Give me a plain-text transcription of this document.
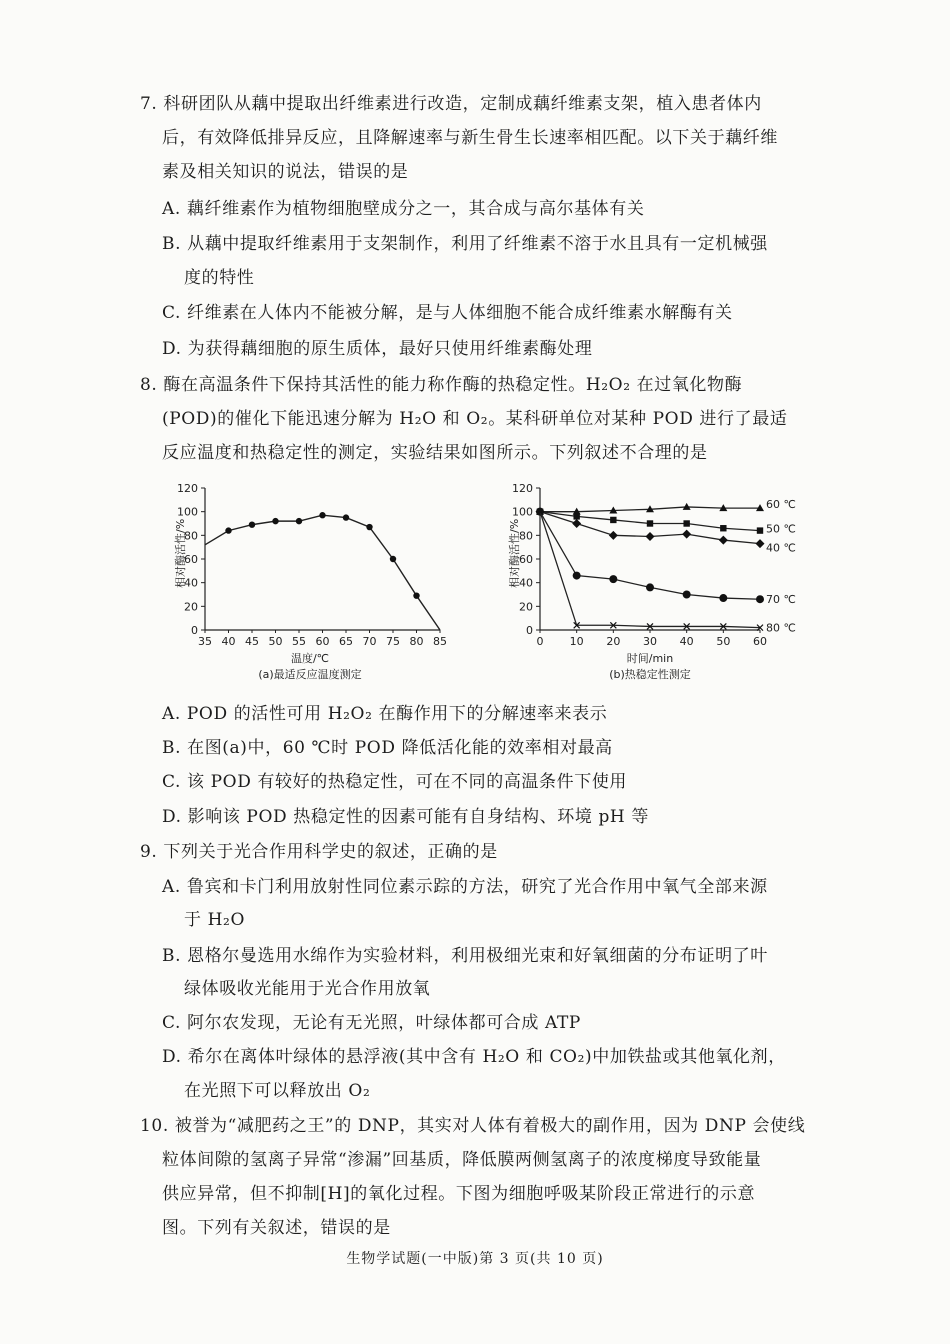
7. 科研团队从藕中提取出纤维素进行改造，定制成藕纤维素支架，植入患者体内
后，有效降低排异反应，且降解速率与新生骨生长速率相匹配。以下关于藕纤维
素及相关知识的说法，错误的是
A. 藕纤维素作为植物细胞壁成分之一，其合成与高尔基体有关
B. 从藕中提取纤维素用于支架制作，利用了纤维素不溶于水且具有一定机械强
度的特性
C. 纤维素在人体内不能被分解，是与人体细胞不能合成纤维素水解酶有关
D. 为获得藕细胞的原生质体，最好只使用纤维素酶处理
8. 酶在高温条件下保持其活性的能力称作酶的热稳定性。H₂O₂ 在过氧化物酶
(POD)的催化下能迅速分解为 H₂O 和 O₂。某科研单位对某种 POD 进行了最适
反应温度和热稳定性的测定，实验结果如图所示。下列叙述不合理的是
0
20
40
60
80
100
120
35 40 45 50 55 60 65 70 75 80 85
相对酶活性/%
温度/℃
(a)最适反应温度测定
0
20
40
60
80
100
120
0 10 20 30 40 50 60
60 ℃
50 ℃
40 ℃
70 ℃
80 ℃
相对酶活性/%
时间/min
(b)热稳定性测定
A. POD 的活性可用 H₂O₂ 在酶作用下的分解速率来表示
B. 在图(a)中，60 ℃时 POD 降低活化能的效率相对最高
C. 该 POD 有较好的热稳定性，可在不同的高温条件下使用
D. 影响该 POD 热稳定性的因素可能有自身结构、环境 pH 等
9. 下列关于光合作用科学史的叙述，正确的是
A. 鲁宾和卡门利用放射性同位素示踪的方法，研究了光合作用中氧气全部来源
于 H₂O
B. 恩格尔曼选用水绵作为实验材料，利用极细光束和好氧细菌的分布证明了叶
绿体吸收光能用于光合作用放氧
C. 阿尔农发现，无论有无光照，叶绿体都可合成 ATP
D. 希尔在离体叶绿体的悬浮液(其中含有 H₂O 和 CO₂)中加铁盐或其他氧化剂，
在光照下可以释放出 O₂
10. 被誉为“减肥药之王”的 DNP，其实对人体有着极大的副作用，因为 DNP 会使线
粒体间隙的氢离子异常“渗漏”回基质，降低膜两侧氢离子的浓度梯度导致能量
供应异常，但不抑制[H]的氧化过程。下图为细胞呼吸某阶段正常进行的示意
图。下列有关叙述，错误的是
生物学试题(一中版)第 3 页(共 10 页)
